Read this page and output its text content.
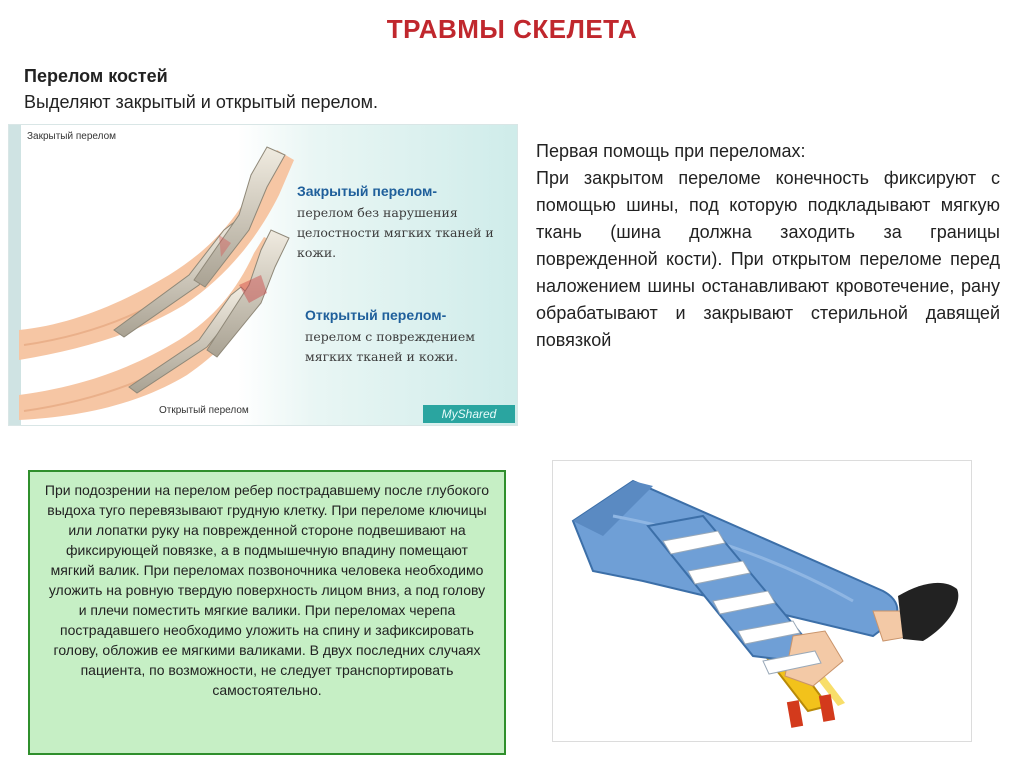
ТРАВМЫ СКЕЛЕТА
Перелом костей
Выделяют закрытый и открытый перелом.
Закрытый перелом
Открытый перелом
Закрытый перелом-
перелом без нарушения
целостности мягких тканей и
кожи.
Открытый перелом-
перелом с повреждением
мягких тканей и кожи.
MyShared
Первая помощь при переломах:
При закрытом переломе конечность фиксируют с помощью шины, под которую подкладывают мягкую ткань (шина должна заходить за границы поврежденной кости). При открытом переломе перед наложением шины останавливают кровотечение, рану обрабатывают и закрывают стерильной давящей повязкой
При подозрении на перелом ребер пострадавшему после глубокого выдоха туго перевязывают грудную клетку. При переломе ключицы или лопатки руку на поврежденной стороне подвешивают на фиксирующей повязке, а в подмышечную впадину помещают мягкий валик. При переломах позвоночника человека необходимо уложить на ровную твердую поверхность лицом вниз, а под голову и плечи поместить мягкие валики. При переломах черепа пострадавшего необходимо уложить на спину и зафиксировать голову, обложив ее мягкими валиками. В двух последних случаях пациента, по возможности, не следует транспортировать самостоятельно.
